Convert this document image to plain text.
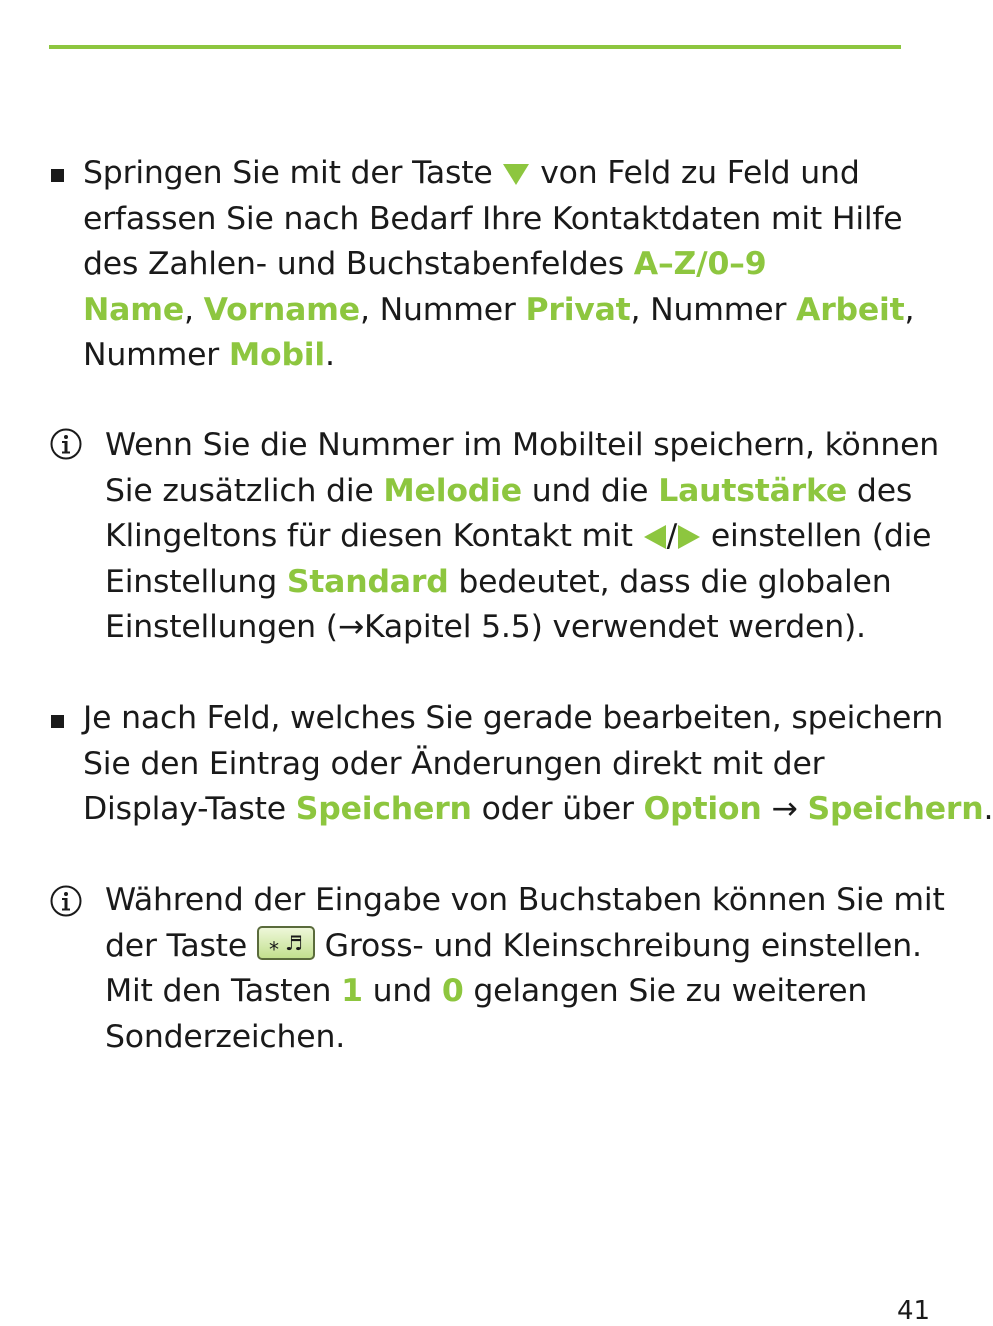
Springen Sie mit der Taste von Feld zu Feld und
erfassen Sie nach Bedarf Ihre Kontaktdaten mit Hilfe
des Zahlen- und Buchstabenfeldes A–Z/0–9
Name, Vorname, Nummer Privat, Nummer Arbeit,
Nummer Mobil.
Wenn Sie die Nummer im Mobilteil speichern, können
Sie zusätzlich die Melodie und die Lautstärke des
Klingeltons für diesen Kontakt mit / einstellen (die
Einstellung Standard bedeutet, dass die globalen
Einstellungen (→Kapitel 5.5) verwendet werden).
Je nach Feld, welches Sie gerade bearbeiten, speichern
Sie den Eintrag oder Änderungen direkt mit der
Display-Taste Speichern oder über Option → Speichern.
Während der Eingabe von Buchstaben können Sie mit
der Taste ⁎ ♬ Gross- und Kleinschreibung einstellen.
Mit den Tasten 1 und 0 gelangen Sie zu weiteren
Sonderzeichen.
41
